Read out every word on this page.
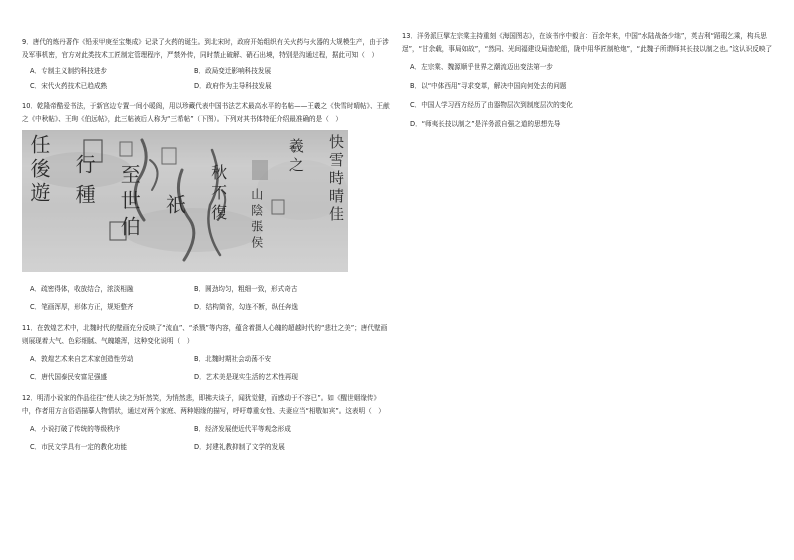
9．唐代的炼丹著作《铅汞甲庚至宝集成》记录了火药的诞生。到北宋时，政府开始组织有关火药与火器的大规模生产，由于涉及军事机密，官方对此类技术工匠制定管理程序，严禁外传，同时禁止破解、硝石出境，特别是沟通过程，据此可知（　）

A．专制主义制约科技进步	B．政局变迁影响科技发展
C．宋代火药技术已趋成熟	D．政府作为主导科技发展

10．乾隆帝酷爱书法，于新宫边专置一间小暖阁，用以珍藏代表中国书法艺术最高水平的名帖——王羲之《快雪时晴帖》、王献之《中秋帖》、王珣《伯远帖》，此三帖被后人称为“三希帖”（下图）。下列对其书体特征介绍最准确的是（　）

任後遊 行種 至世伯 祇 秋不復 山陰張侯
羲之 快雪時晴佳
A．疏密得体，收放结合，浓淡相融	B．圆劲均匀，粗细一致，形式奇古
C．笔画浑厚，形体方正，规矩整齐	D．结构简省，勾连不断，纵任奔逸

11．在敦煌艺术中，北魏时代的壁画充分反映了“流血”、“杀戮”等内容，蕴含着摄人心魄的超越时代的“悲壮之美”；唐代壁画则展现着大气、色彩细腻、气魄雄浑，这种变化说明（　）

A．敦煌艺术来自艺术家创造性劳动	B．北魏时期社会动荡不安
C．唐代国泰民安富足强盛	D．艺术美是现实生活的艺术性再现

12．明清小说家的作品往往“使人读之为轩然笑，为悄然悲，即拂夫谈子，闻犹觉健，而感动于不容已”。如《醒世姻缘传》中，作者用方言俗语描摹人物情状，通过对两个家庭、两种姻缘的描写，呼吁尊重女性、夫妻应当“相敬如宾”。这表明（　）

A．小说打破了传统的等级秩序	B．经济发展使近代平等观念形成
C．市民文学具有一定的教化功能	D．封建礼教抑制了文学的发展

13．洋务派巨擘左宗棠主持重刻《海国图志》，在该书序中毅言：百余年来，中国“水陆战备少绌”，英吉利“蹈瑕乞乘，构兵思逞”，“甘余载，事局如故”，“然同、光间福建设局造轮船，陇中用华匠制枪炮”，“此魏子所谓师其长技以制之也。”这认识反映了

A．左宗棠、魏源顺乎世界之潮流迈出变法第一步
B．以“中体西用”寻求变革，解决中国向何处去的问题
C．中国人学习西方经历了由器物层次到制度层次的变化
D．“师夷长技以制之”是洋务派自强之道的思想先导
